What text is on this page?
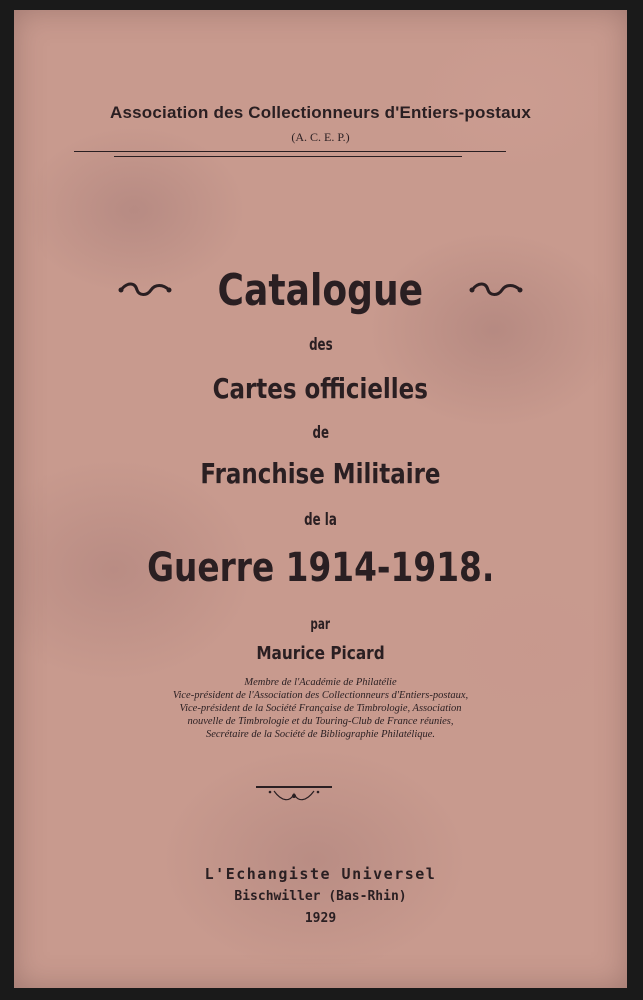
Association des Collectionneurs d'Entiers-postaux
(A. C. E. P.)
Catalogue
des
Cartes officielles
de
Franchise Militaire
de la
Guerre 1914-1918.
par
Maurice Picard
Membre de l'Académie de Philatélie
Vice-président de l'Association des Collectionneurs d'Entiers-postaux,
Vice-président de la Société Française de Timbrologie, Association
nouvelle de Timbrologie et du Touring-Club de France réunies,
Secrétaire de la Société de Bibliographie Philatélique.
L'Echangiste Universel
Bischwiller (Bas-Rhin)
1929
